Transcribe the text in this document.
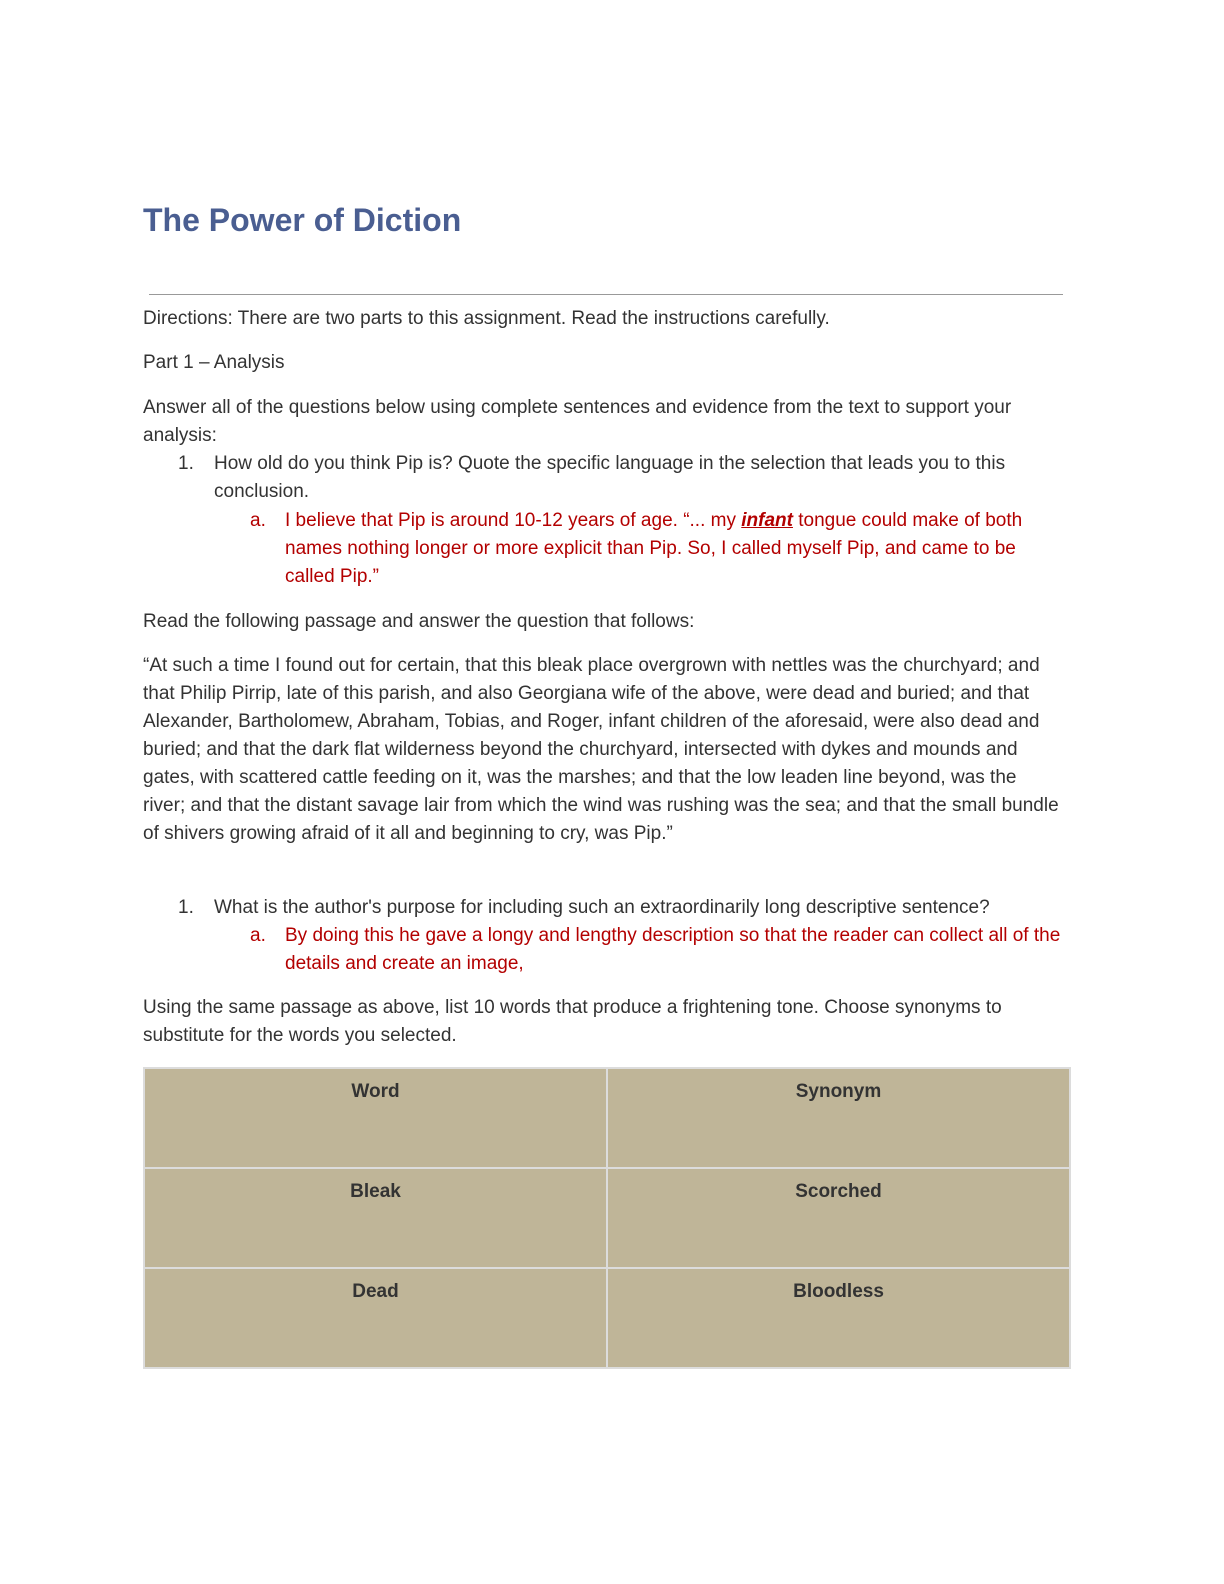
The Power of Diction

Directions: There are two parts to this assignment. Read the instructions carefully.

Part 1 – Analysis

Answer all of the questions below using complete sentences and evidence from the text to support your analysis:

1. How old do you think Pip is? Quote the specific language in the selection that leads you to this conclusion.

a. I believe that Pip is around 10-12 years of age. “... my infant tongue could make of both names nothing longer or more explicit than Pip. So, I called myself Pip, and came to be called Pip.”

Read the following passage and answer the question that follows:

“At such a time I found out for certain, that this bleak place overgrown with nettles was the churchyard; and that Philip Pirrip, late of this parish, and also Georgiana wife of the above, were dead and buried; and that Alexander, Bartholomew, Abraham, Tobias, and Roger, infant children of the aforesaid, were also dead and buried; and that the dark flat wilderness beyond the churchyard, intersected with dykes and mounds and gates, with scattered cattle feeding on it, was the marshes; and that the low leaden line beyond, was the river; and that the distant savage lair from which the wind was rushing was the sea; and that the small bundle of shivers growing afraid of it all and beginning to cry, was Pip.”

1. What is the author's purpose for including such an extraordinarily long descriptive sentence?

a. By doing this he gave a longy and lengthy description so that the reader can collect all of the details and create an image,

Using the same passage as above, list 10 words that produce a frightening tone. Choose synonyms to substitute for the words you selected.

Word	Synonym
Bleak	Scorched
Dead	Bloodless
